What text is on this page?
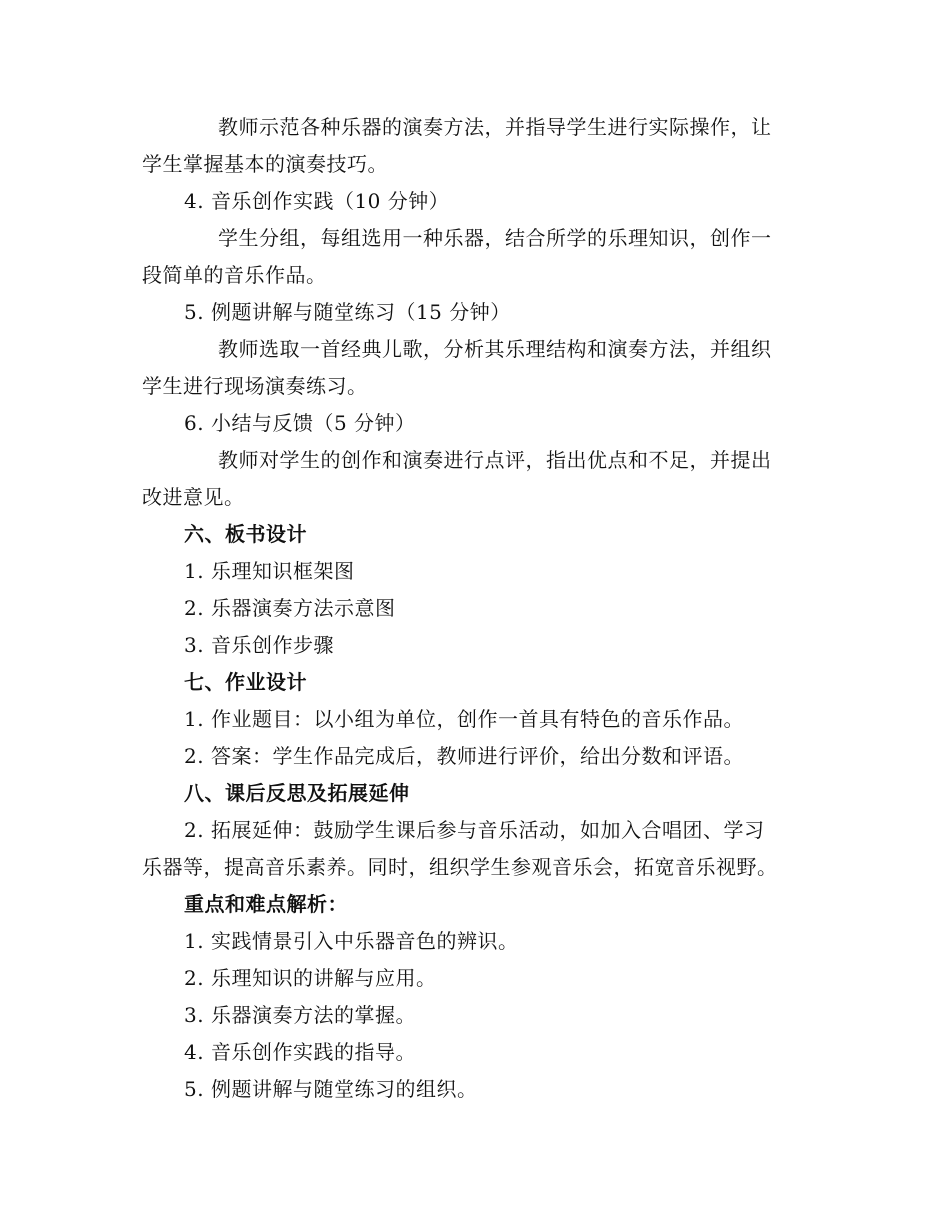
教师示范各种乐器的演奏方法，并指导学生进行实际操作，让
学生掌握基本的演奏技巧。
4. 音乐创作实践（10 分钟）
学生分组，每组选用一种乐器，结合所学的乐理知识，创作一
段简单的音乐作品。
5. 例题讲解与随堂练习（15 分钟）
教师选取一首经典儿歌，分析其乐理结构和演奏方法，并组织
学生进行现场演奏练习。
6. 小结与反馈（5 分钟）
教师对学生的创作和演奏进行点评，指出优点和不足，并提出
改进意见。
六、板书设计
1. 乐理知识框架图
2. 乐器演奏方法示意图
3. 音乐创作步骤
七、作业设计
1. 作业题目：以小组为单位，创作一首具有特色的音乐作品。
2. 答案：学生作品完成后，教师进行评价，给出分数和评语。
八、课后反思及拓展延伸
2. 拓展延伸：鼓励学生课后参与音乐活动，如加入合唱团、学习
乐器等，提高音乐素养。同时，组织学生参观音乐会，拓宽音乐视野。
重点和难点解析：
1. 实践情景引入中乐器音色的辨识。
2. 乐理知识的讲解与应用。
3. 乐器演奏方法的掌握。
4. 音乐创作实践的指导。
5. 例题讲解与随堂练习的组织。
